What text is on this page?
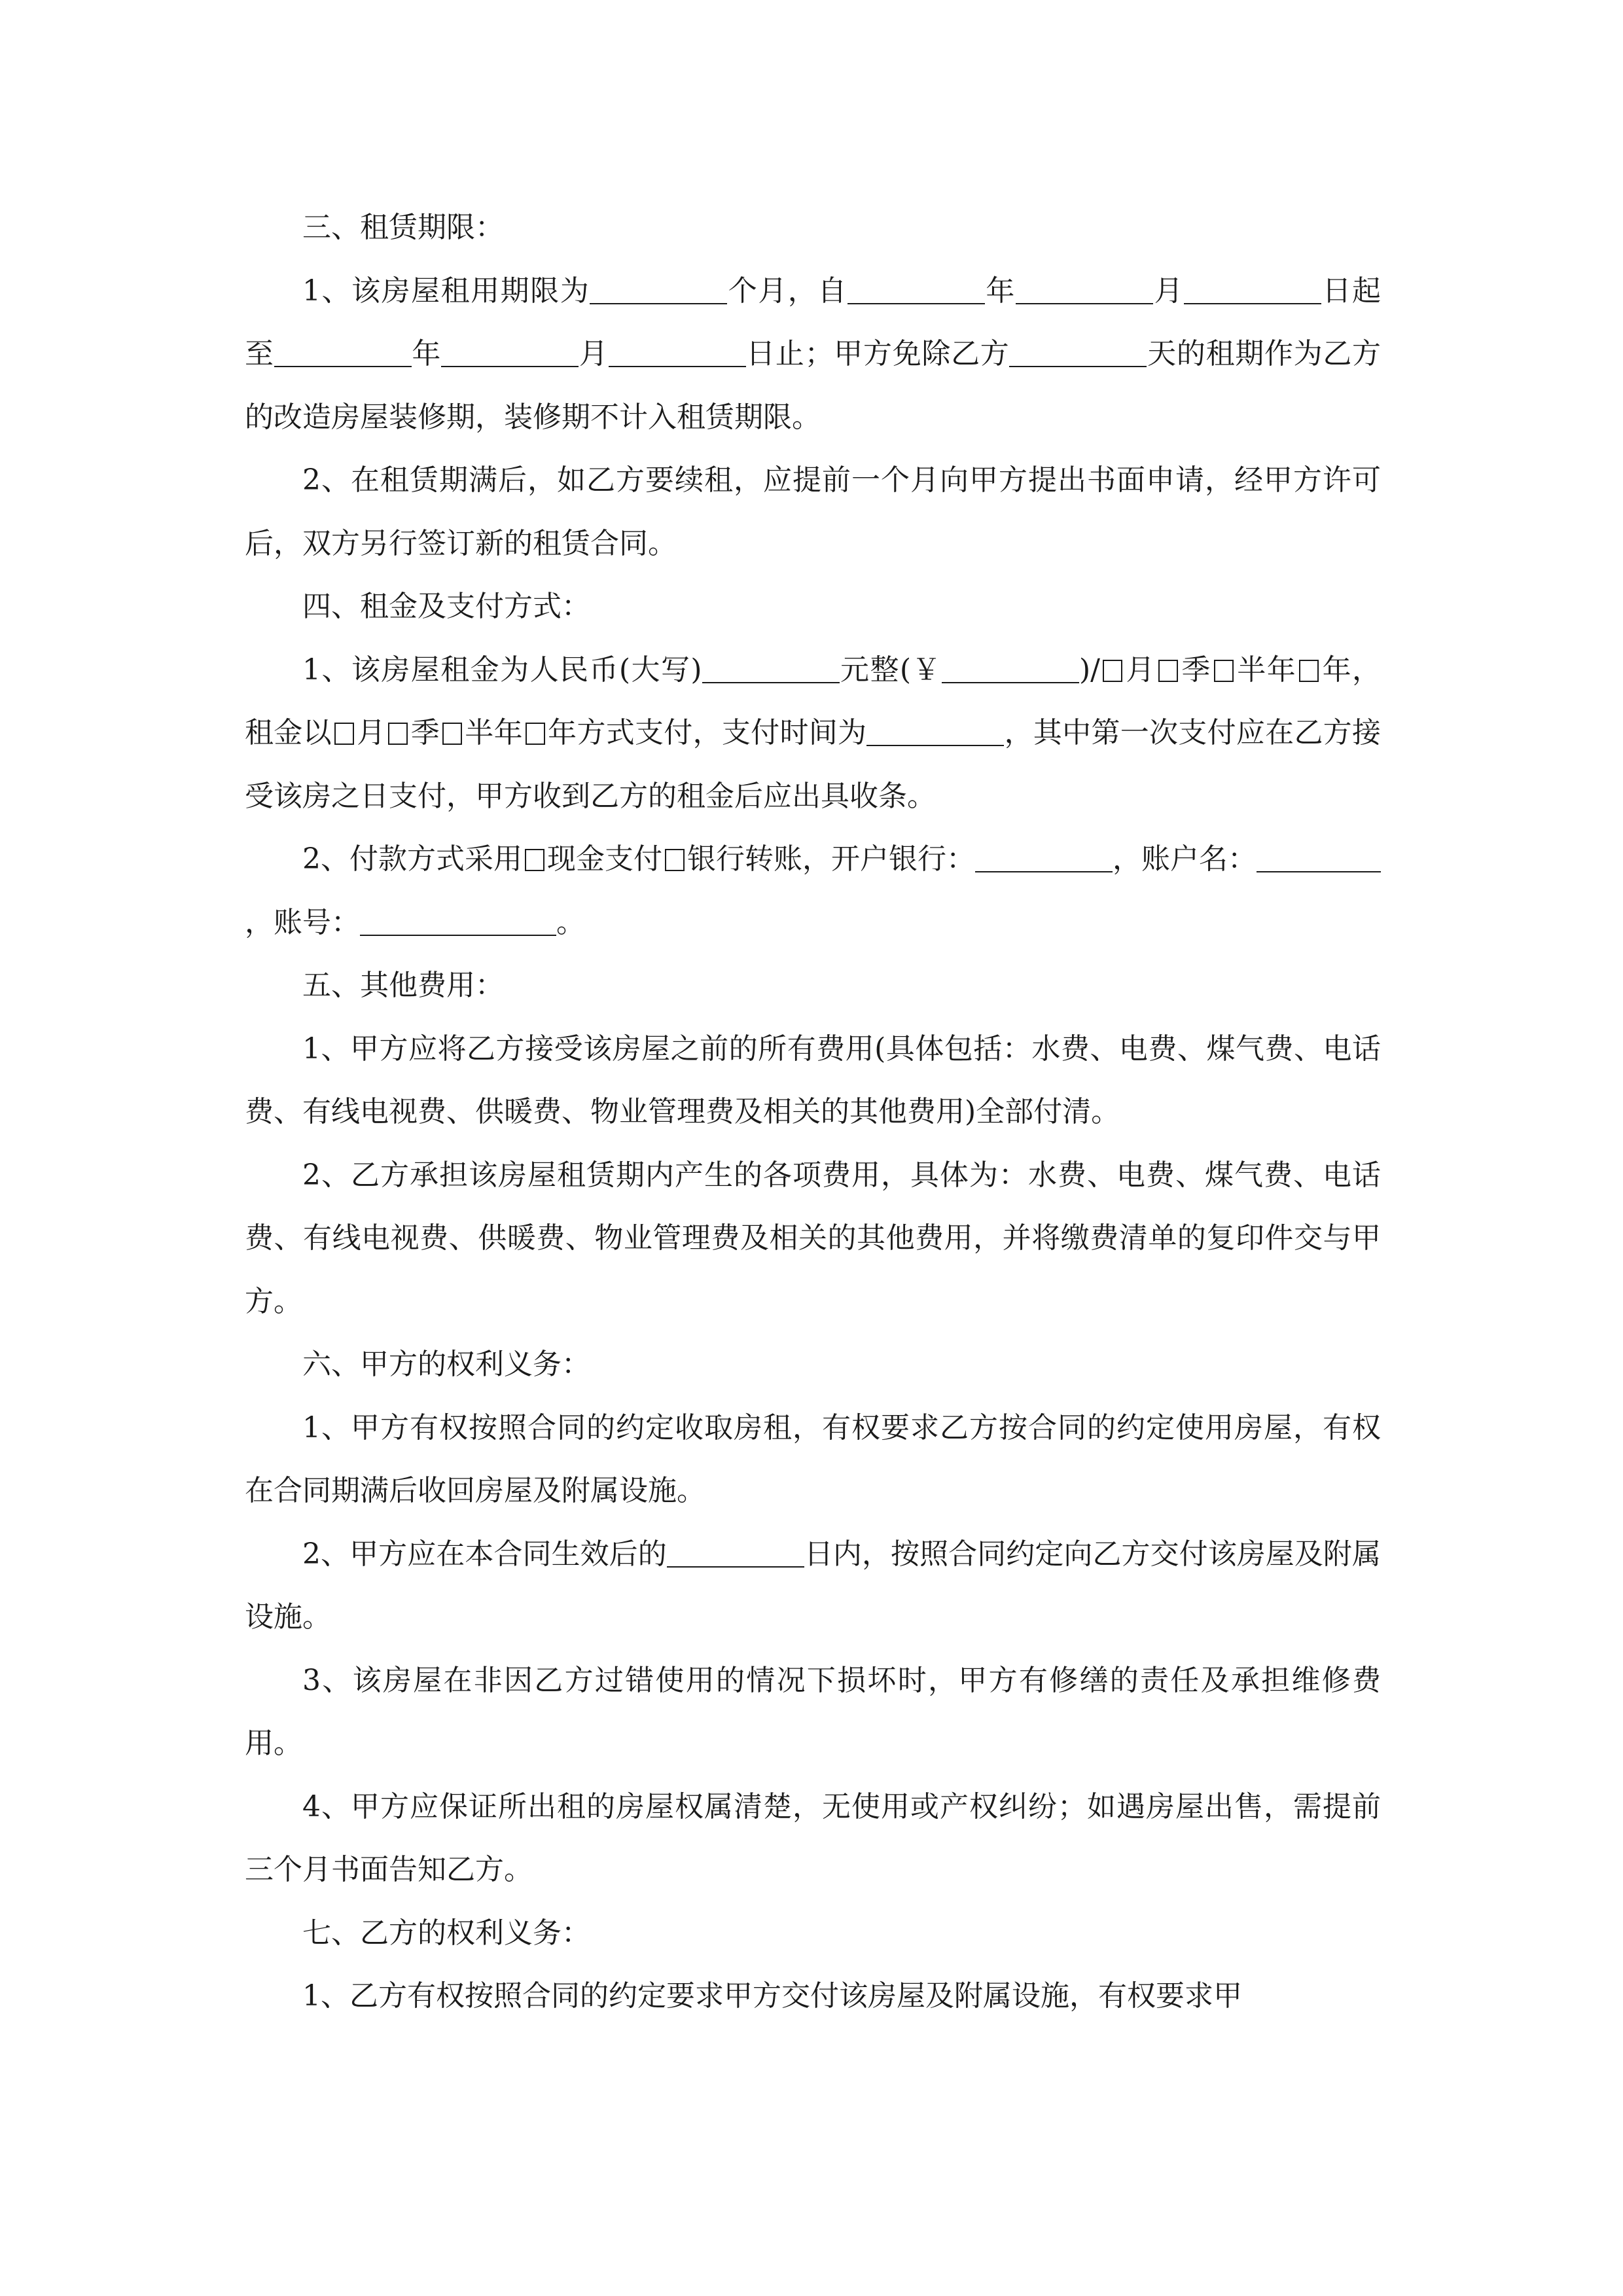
三、租赁期限：

1、该房屋租用期限为	个月，自	年	月	日起至	年	月	日止；甲方免除乙方	天的租期作为乙方的改造房屋装修期，装修期不计入租赁期限。

2、在租赁期满后，如乙方要续租，应提前一个月向甲方提出书面申请，经甲方许可后，双方另行签订新的租赁合同。

四、租金及支付方式：

1、该房屋租金为人民币(大写)	元整(￥	)/ 月 季 半年 年，租金以 月 季 半年 年方式支付，支付时间为	，其中第一次支付应在乙方接受该房之日支付，甲方收到乙方的租金后应出具收条。

2、付款方式采用 现金支付 银行转账，开户银行：	，账户名：，账号：	。

五、其他费用：

1、甲方应将乙方接受该房屋之前的所有费用(具体包括：水费、电费、煤气费、电话费、有线电视费、供暖费、物业管理费及相关的其他费用)全部付清。

2、乙方承担该房屋租赁期内产生的各项费用，具体为：水费、电费、煤气费、电话费、有线电视费、供暖费、物业管理费及相关的其他费用，并将缴费清单的复印件交与甲方。

六、甲方的权利义务：

1、甲方有权按照合同的约定收取房租，有权要求乙方按合同的约定使用房屋，有权在合同期满后收回房屋及附属设施。

2、甲方应在本合同生效后的	日内，按照合同约定向乙方交付该房屋及附属设施。

3、该房屋在非因乙方过错使用的情况下损坏时，甲方有修缮的责任及承担维修费用。

4、甲方应保证所出租的房屋权属清楚，无使用或产权纠纷；如遇房屋出售，需提前三个月书面告知乙方。

七、乙方的权利义务：

1、乙方有权按照合同的约定要求甲方交付该房屋及附属设施，有权要求甲
